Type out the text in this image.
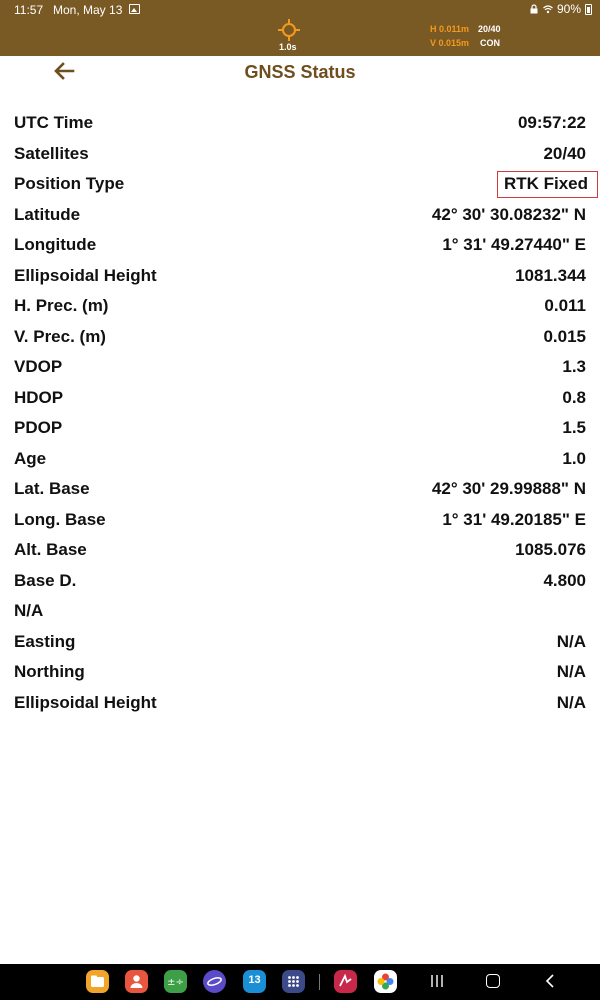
11:57 Mon, May 13	90%
1.0s
H 0.011m
V 0.015m
20/40
CON
GNSS Status
UTC Time	09:57:22
Satellites	20/40
Position Type	RTK Fixed
Latitude	42° 30' 30.08232" N
Longitude	1° 31' 49.27440" E
Ellipsoidal Height	1081.344
H. Prec. (m)	0.011
V. Prec. (m)	0.015
VDOP	1.3
HDOP	0.8
PDOP	1.5
Age	1.0
Lat. Base	42° 30' 29.99888" N
Long. Base	1° 31' 49.20185" E
Alt. Base	1085.076
Base D.	4.800
N/A
Easting	N/A
Northing	N/A
Ellipsoidal Height	N/A
±÷	13
